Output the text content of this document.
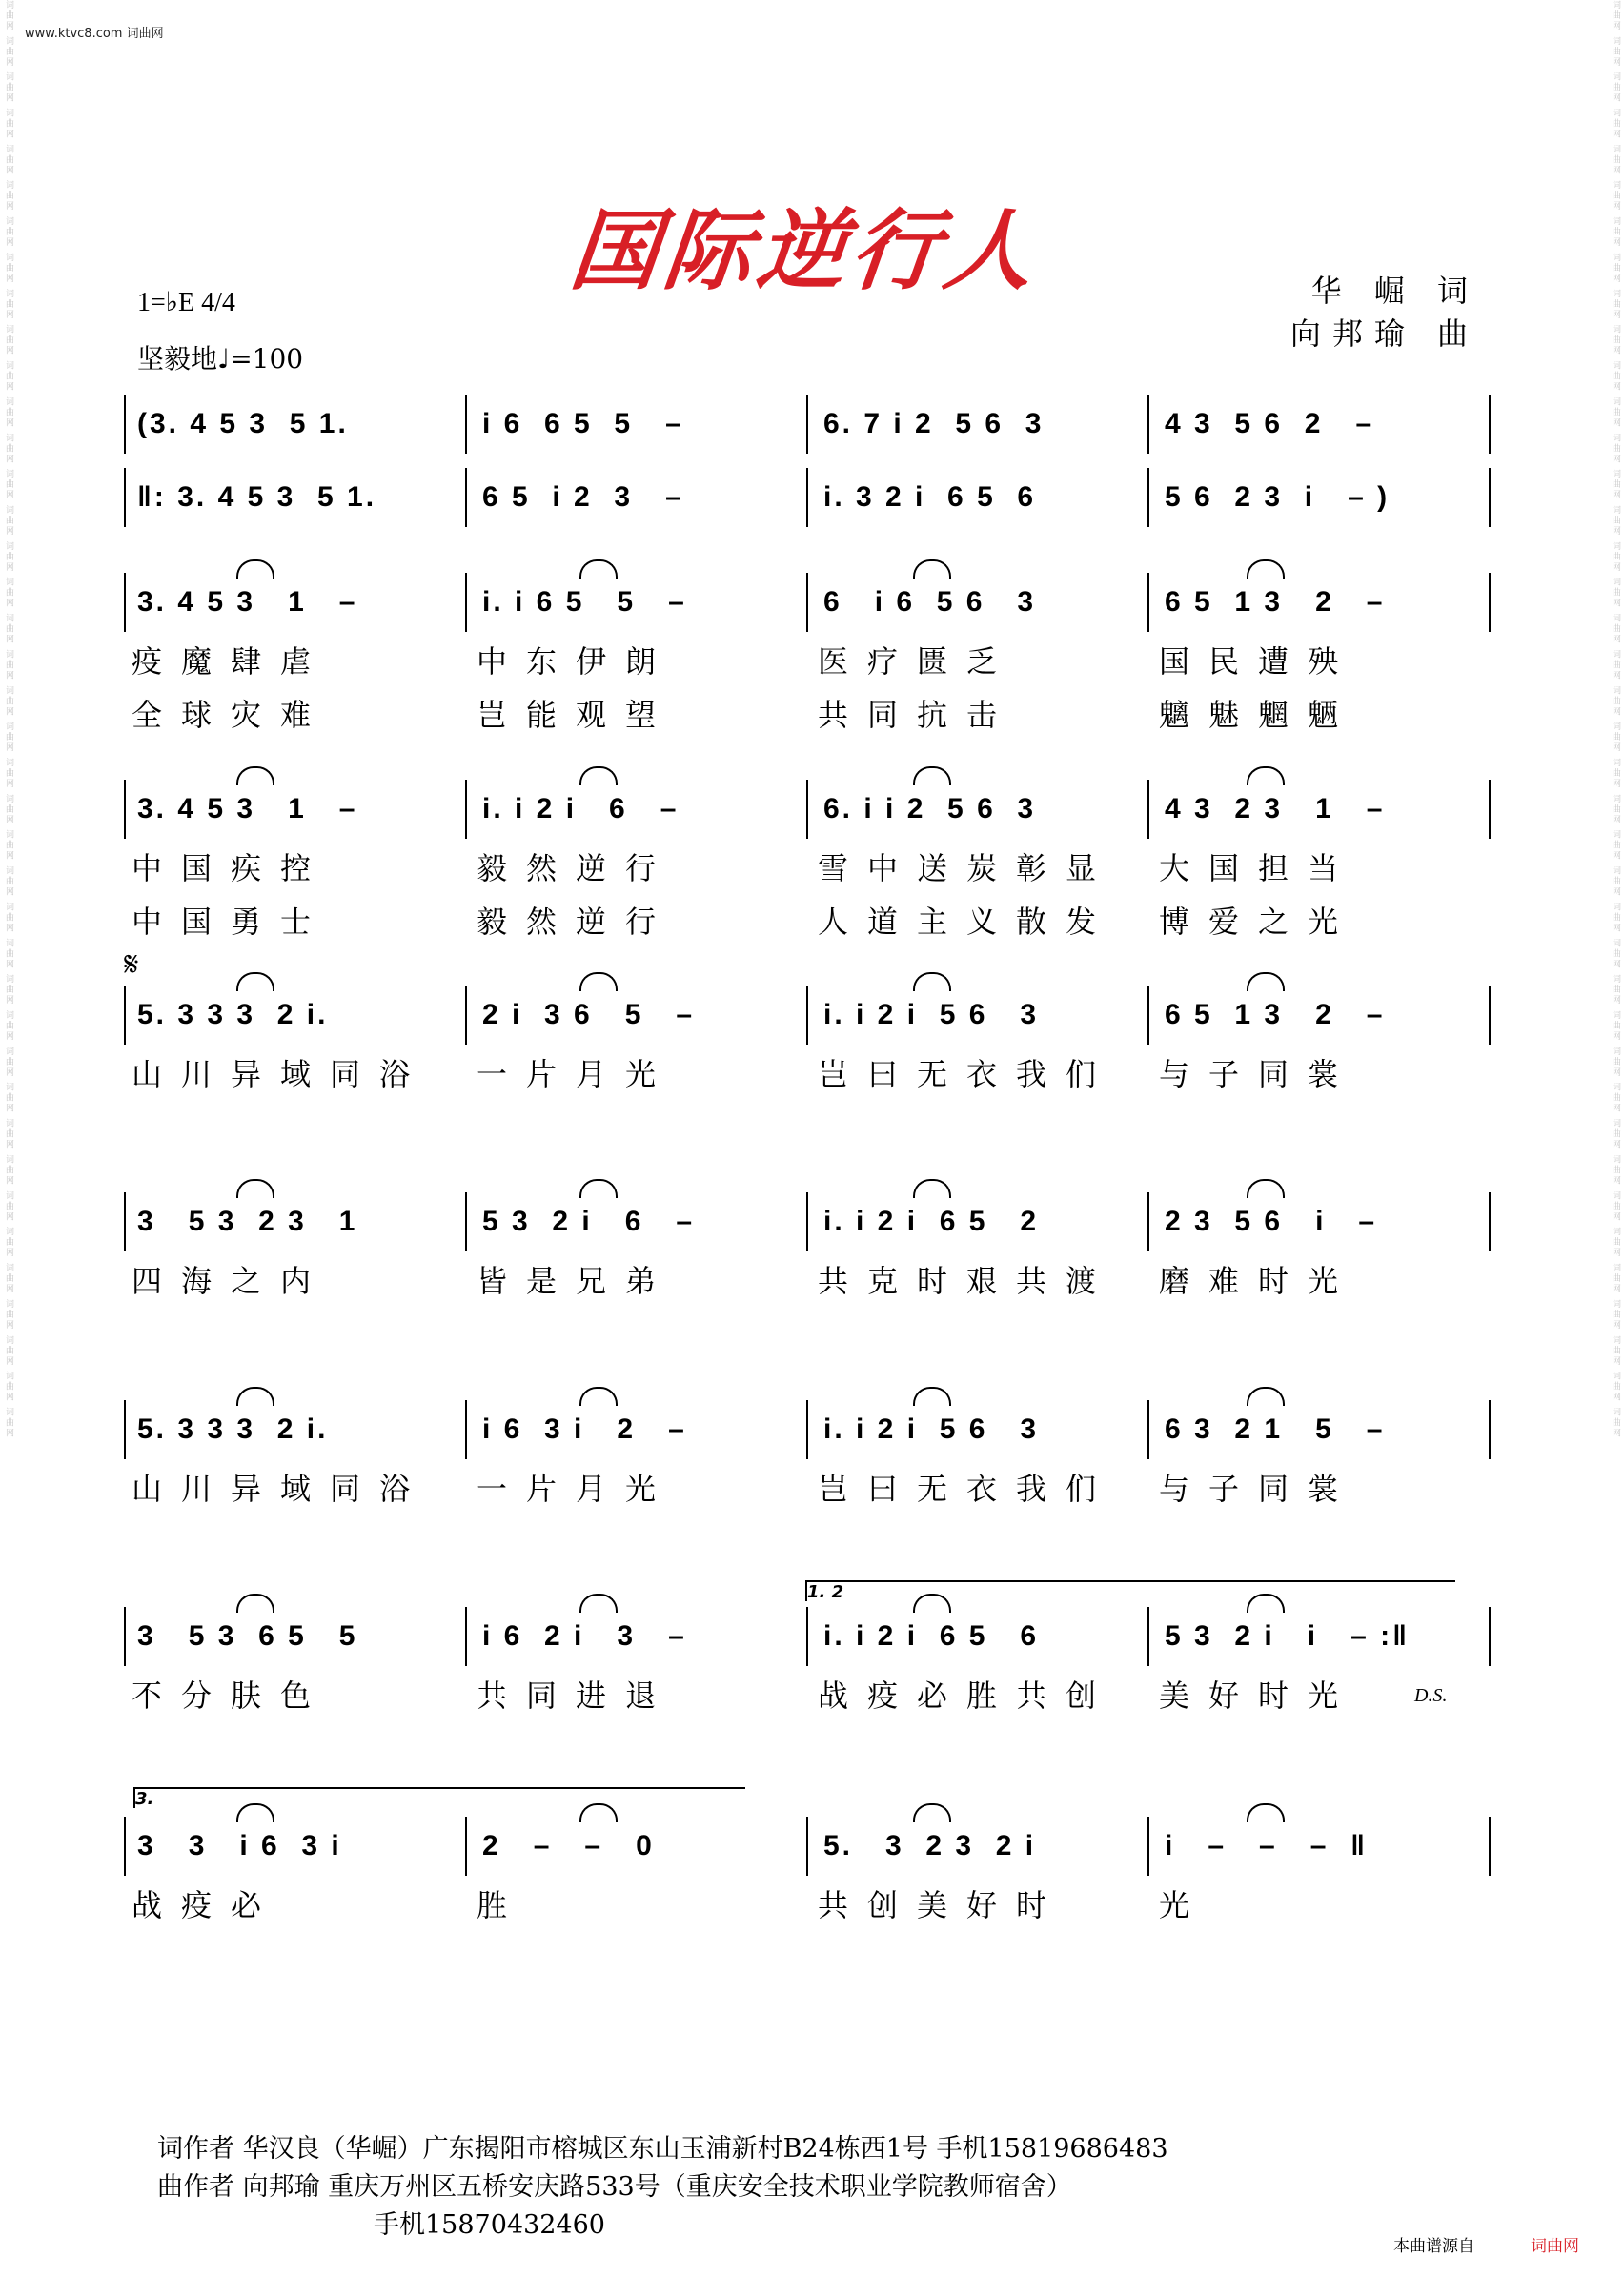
www.ktvc8.com 词曲网
词曲网 词曲网 词曲网 词曲网 词曲网 词曲网 词曲网 词曲网 词曲网 词曲网 词曲网 词曲网 词曲网 词曲网 词曲网 词曲网 词曲网 词曲网 词曲网 词曲网 词曲网 词曲网 词曲网 词曲网 词曲网 词曲网 词曲网 词曲网 词曲网 词曲网 词曲网 词曲网 词曲网 词曲网 词曲网 词曲网 词曲网 词曲网 词曲网 词曲网	词曲网 词曲网 词曲网 词曲网 词曲网 词曲网 词曲网 词曲网 词曲网 词曲网 词曲网 词曲网 词曲网 词曲网 词曲网 词曲网 词曲网 词曲网 词曲网 词曲网 词曲网 词曲网 词曲网 词曲网 词曲网 词曲网 词曲网 词曲网 词曲网 词曲网 词曲网 词曲网 词曲网 词曲网 词曲网 词曲网 词曲网 词曲网 词曲网 词曲网
国际逆行人	华 崛 词
向邦瑜 曲
1=♭E 4/4
坚毅地♩=100
𝄋
(3. 4 5 3  5 1.	i 6  6 5  5   –	6. 7 i 2  5 6  3	4 3  5 6  2   –
‖: 3. 4 5 3  5 1.	6 5  i 2  3   –	i. 3 2 i  6 5  6	5 6  2 3  i   – )
3. 4 5 3   1   –	i. i 6 5   5   –	6   i 6  5 6   3	6 5  1 3   2   –
疫魔肆虐	中东伊朗	医疗匮乏	国民遭殃
全球灾难	岂能观望	共同抗击	魑魅魍魉
3. 4 5 3   1   –	i. i 2 i   6   –	6. i i 2  5 6  3	4 3  2 3   1   –
中国疾控	毅然逆行	雪中送炭彰显 大国担当
中国勇士	毅然逆行	人道主义散发 博爱之光
5. 3 3 3  2 i.	2 i  3 6   5   –	i. i 2 i  5 6   3	6 5  1 3   2   –
山川异域同浴 一片月光	岂曰无衣我们 与子同裳
3   5 3  2 3   1	5 3  2 i   6   –	i. i 2 i  6 5   2	2 3  5 6   i   –
四海之内	皆是兄弟	共克时艰共渡 磨难时光
5. 3 3 3  2 i.	i 6  3 i   2   –	i. i 2 i  5 6   3	6 3  2 1   5   –
山川异域同浴 一片月光	岂曰无衣我们 与子同裳
3   5 3  6 5   5	i 6  2 i   3   –	i. i 2 i  6 5   6	5 3  2 i   i   – :‖
不分肤色	共同进退	战疫必胜共创 美好时光
3   3   i 6  3 i	2   –   –   0	5.   3  2 3  2 i	i   –   –   –  ‖
战疫必	胜	共创美好时	光
1. 2
3.
D.S.
词作者 华汉良（华崛）广东揭阳市榕城区东山玉浦新村B24栋西1号 手机15819686483
曲作者 向邦瑜 重庆万州区五桥安庆路533号（重庆安全技术职业学院教师宿舍）
手机15870432460
本曲谱源自	词曲网
